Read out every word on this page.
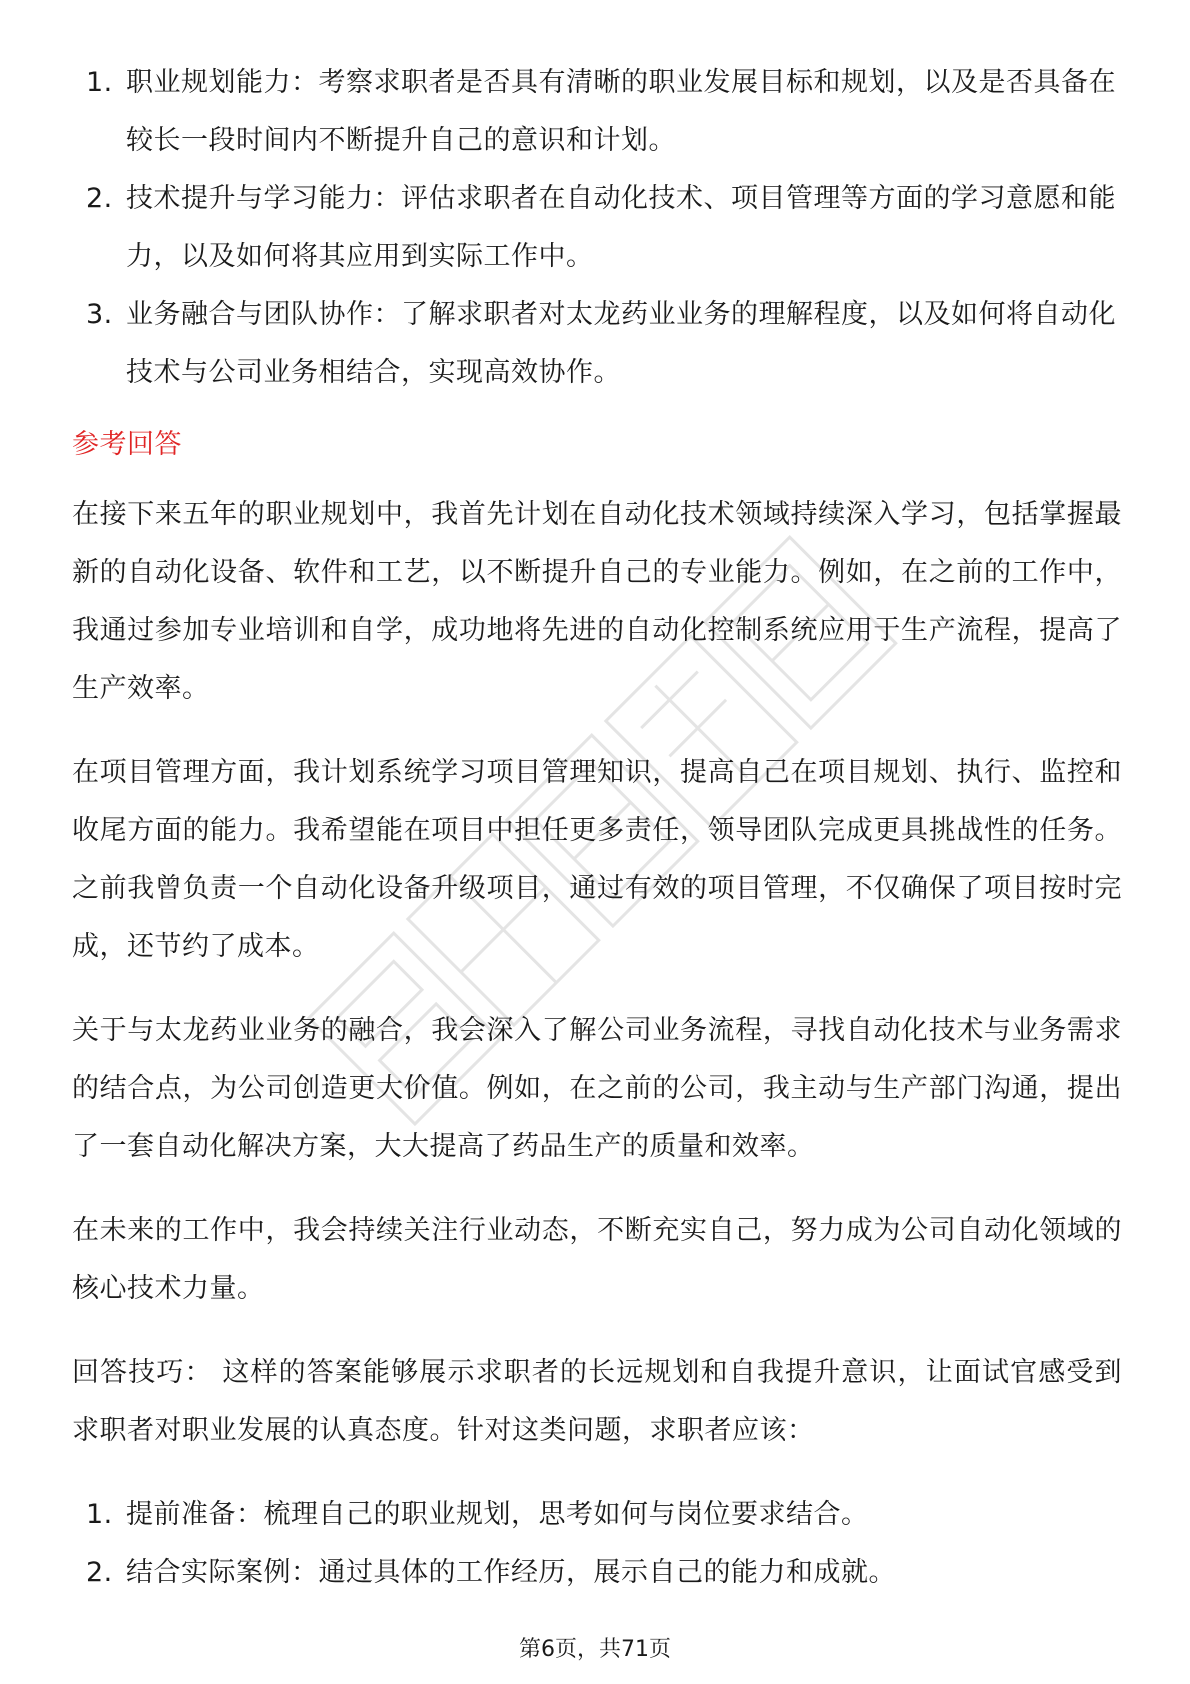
1. 职业规划能力：考察求职者是否具有清晰的职业发展目标和规划，以及是否具备在较长一段时间内不断提升自己的意识和计划。
2. 技术提升与学习能力：评估求职者在自动化技术、项目管理等方面的学习意愿和能力，以及如何将其应用到实际工作中。
3. 业务融合与团队协作：了解求职者对太龙药业业务的理解程度，以及如何将自动化技术与公司业务相结合，实现高效协作。
参考回答

在接下来五年的职业规划中，我首先计划在自动化技术领域持续深入学习，包括掌握最新的自动化设备、软件和工艺，以不断提升自己的专业能力。例如，在之前的工作中，我通过参加专业培训和自学，成功地将先进的自动化控制系统应用于生产流程，提高了生产效率。

在项目管理方面，我计划系统学习项目管理知识，提高自己在项目规划、执行、监控和收尾方面的能力。我希望能在项目中担任更多责任，领导团队完成更具挑战性的任务。之前我曾负责一个自动化设备升级项目，通过有效的项目管理，不仅确保了项目按时完成，还节约了成本。

关于与太龙药业业务的融合，我会深入了解公司业务流程，寻找自动化技术与业务需求的结合点，为公司创造更大价值。例如，在之前的公司，我主动与生产部门沟通，提出了一套自动化解决方案，大大提高了药品生产的质量和效率。

在未来的工作中，我会持续关注行业动态，不断充实自己，努力成为公司自动化领域的核心技术力量。

回答技巧： 这样的答案能够展示求职者的长远规划和自我提升意识，让面试官感受到求职者对职业发展的认真态度。针对这类问题，求职者应该：

1. 提前准备：梳理自己的职业规划，思考如何与岗位要求结合。
2. 结合实际案例：通过具体的工作经历，展示自己的能力和成就。
第6页，共71页
